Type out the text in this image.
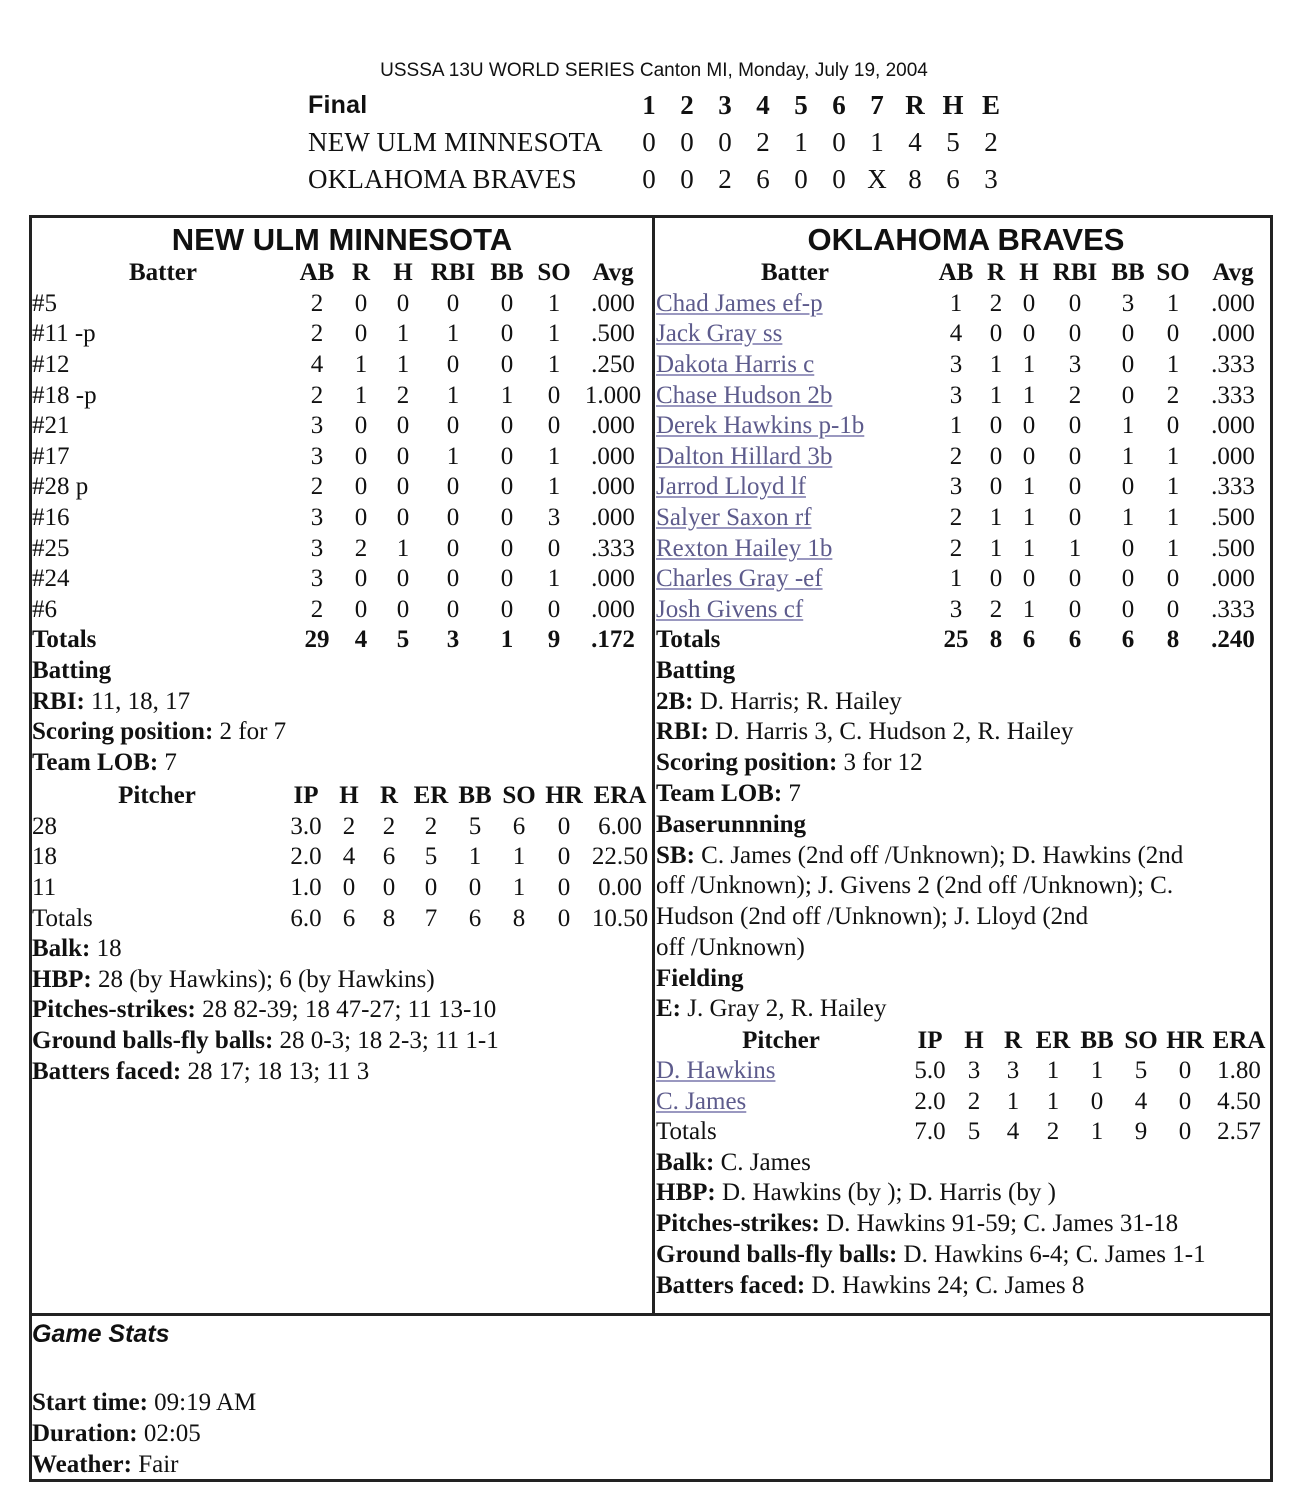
USSSA 13U WORLD SERIES Canton MI, Monday, July 19, 2004
Final	1	2	3	4	5	6	7	R	H	E
NEW ULM MINNESOTA	0	0	0	2	1	0	1	4	5	2
OKLAHOMA BRAVES	0	0	2	6	0	0	X	8	6	3
NEW ULM MINNESOTA
Batter	AB	R	H	RBI	BB	SO	Avg
#5	2	0	0	0	0	1	.000
#11 -p	2	0	1	1	0	1	.500
#12	4	1	1	0	0	1	.250
#18 -p	2	1	2	1	1	0	1.000
#21	3	0	0	0	0	0	.000
#17	3	0	0	1	0	1	.000
#28 p	2	0	0	0	0	1	.000
#16	3	0	0	0	0	3	.000
#25	3	2	1	0	0	0	.333
#24	3	0	0	0	0	1	.000
#6	2	0	0	0	0	0	.000
Totals	29	4	5	3	1	9	.172
Batting
RBI: 11, 18, 17
Scoring position: 2 for 7
Team LOB: 7
Pitcher	IP	H	R	ER	BB	SO	HR	ERA
28	3.0	2	2	2	5	6	0	6.00
18	2.0	4	6	5	1	1	0	22.50
11	1.0	0	0	0	0	1	0	0.00
Totals	6.0	6	8	7	6	8	0	10.50
Balk: 18
HBP: 28 (by Hawkins); 6 (by Hawkins)
Pitches-strikes: 28 82-39; 18 47-27; 11 13-10
Ground balls-fly balls: 28 0-3; 18 2-3; 11 1-1
Batters faced: 28 17; 18 13; 11 3
OKLAHOMA BRAVES
Batter	AB	R	H	RBI	BB	SO	Avg
Chad James ef-p	1	2	0	0	3	1	.000
Jack Gray ss	4	0	0	0	0	0	.000
Dakota Harris c	3	1	1	3	0	1	.333
Chase Hudson 2b	3	1	1	2	0	2	.333
Derek Hawkins p-1b	1	0	0	0	1	0	.000
Dalton Hillard 3b	2	0	0	0	1	1	.000
Jarrod Lloyd lf	3	0	1	0	0	1	.333
Salyer Saxon rf	2	1	1	0	1	1	.500
Rexton Hailey 1b	2	1	1	1	0	1	.500
Charles Gray -ef	1	0	0	0	0	0	.000
Josh Givens cf	3	2	1	0	0	0	.333
Totals	25	8	6	6	6	8	.240
Batting
2B: D. Harris; R. Hailey
RBI: D. Harris 3, C. Hudson 2, R. Hailey
Scoring position: 3 for 12
Team LOB: 7
Baserunnning
SB: C. James (2nd off /Unknown); D. Hawkins (2nd
off /Unknown); J. Givens 2 (2nd off /Unknown); C.
Hudson (2nd off /Unknown); J. Lloyd (2nd
off /Unknown)
Fielding
E: J. Gray 2, R. Hailey
Pitcher	IP	H	R	ER	BB	SO	HR	ERA
D. Hawkins	5.0	3	3	1	1	5	0	1.80
C. James	2.0	2	1	1	0	4	0	4.50
Totals	7.0	5	4	2	1	9	0	2.57
Balk: C. James
HBP: D. Hawkins (by ); D. Harris (by )
Pitches-strikes: D. Hawkins 91-59; C. James 31-18
Ground balls-fly balls: D. Hawkins 6-4; C. James 1-1
Batters faced: D. Hawkins 24; C. James 8
Game Stats
Start time: 09:19 AM
Duration: 02:05
Weather: Fair
